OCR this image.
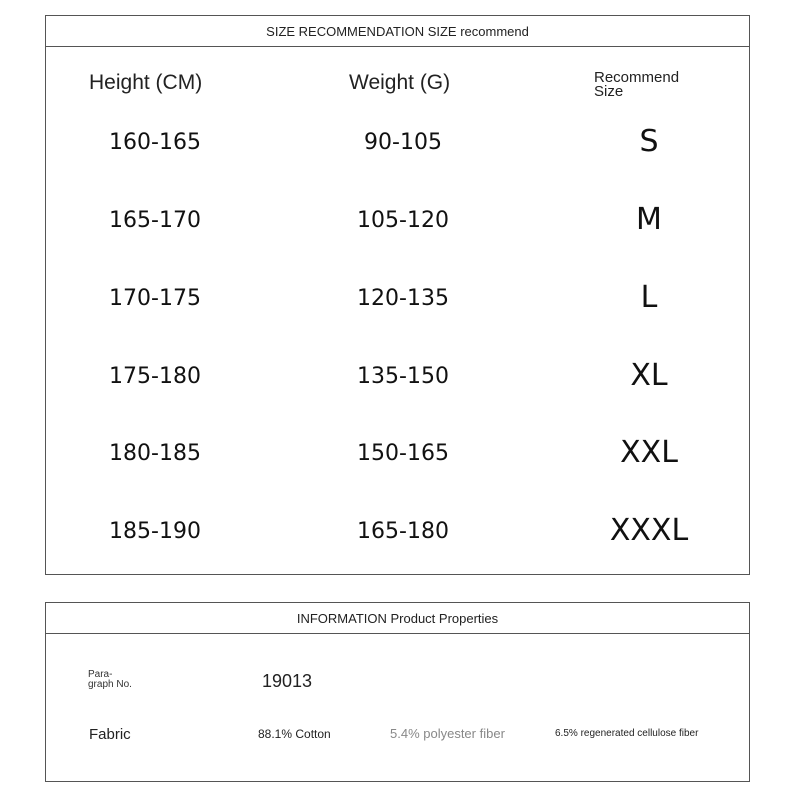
SIZE RECOMMENDATION SIZE recommend
Height (CM)	Weight (G)	Recommend
Size
160-165	90-105	S
165-170	105-120	M
170-175	120-135	L
175-180	135-150	XL
180-185	150-165	XXL
185-190	165-180	XXXL
INFORMATION Product Properties
Para-
graph No.	19013
Fabric	88.1% Cotton	5.4% polyester fiber	6.5% regenerated cellulose fiber
